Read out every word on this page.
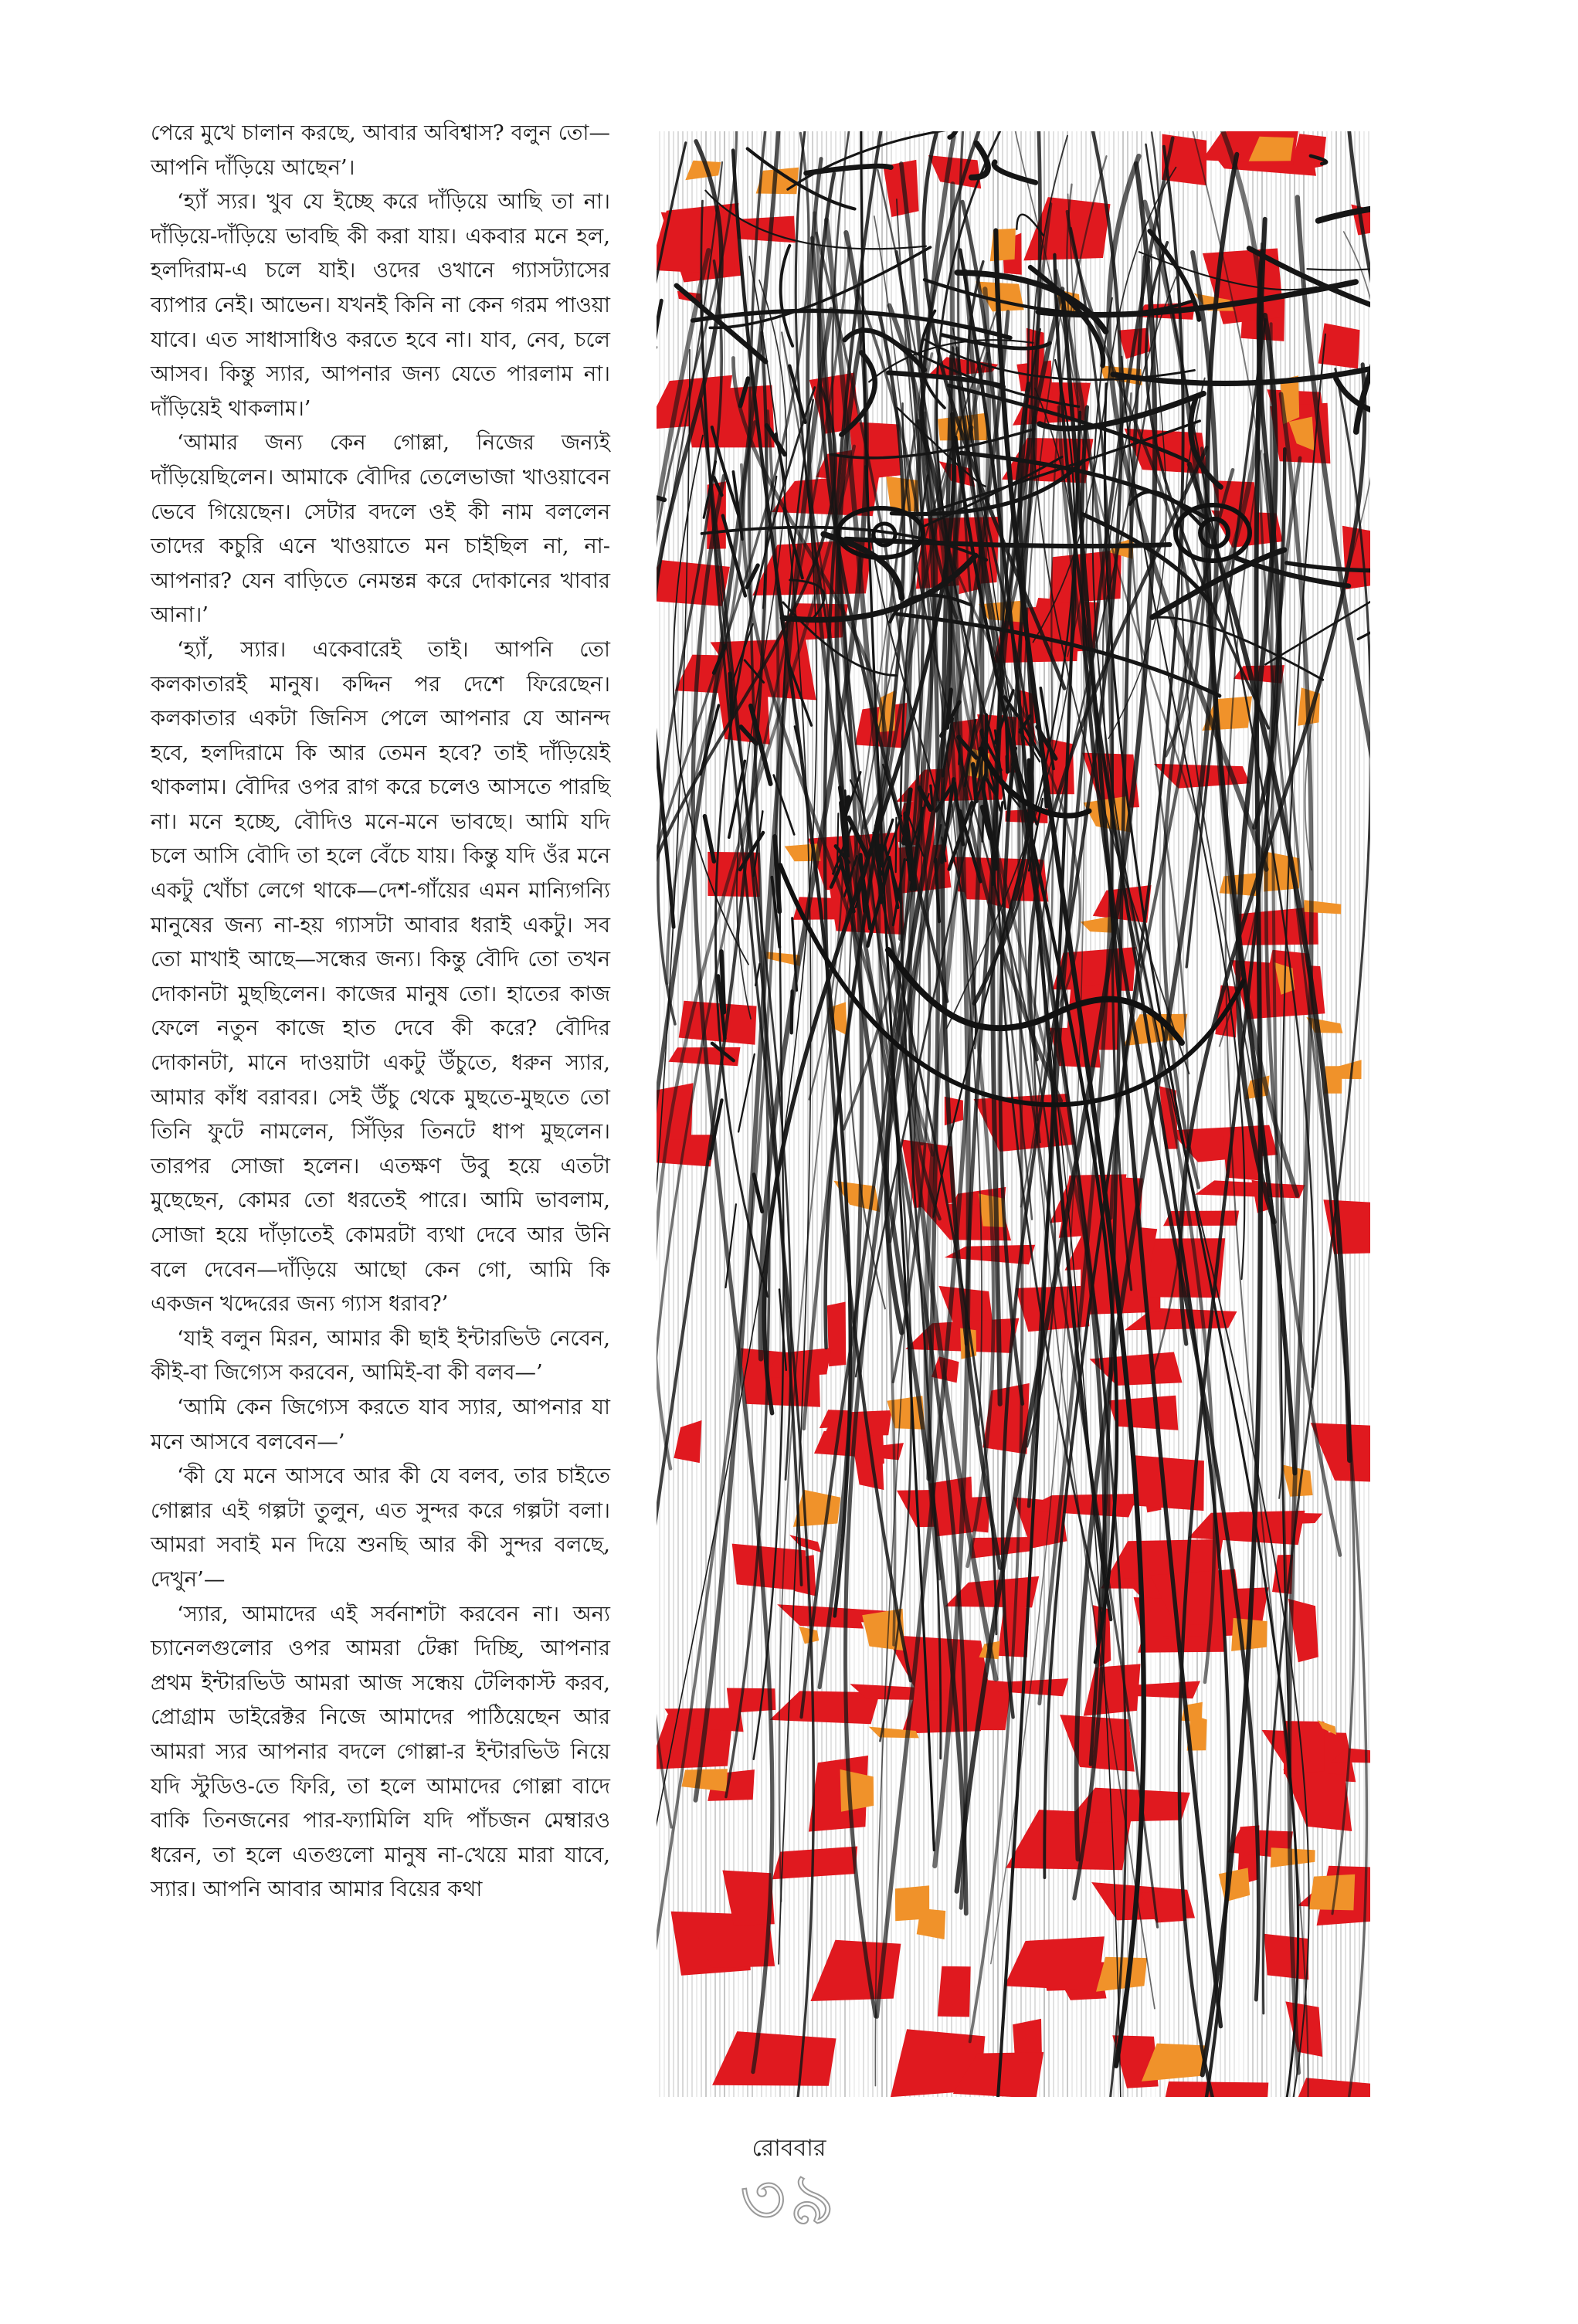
পেরে মুখে চালান করছে, আবার অবিশ্বাস? বলুন তো—আপনি দাঁড়িয়ে আছেন’।

‘হ্যাঁ স্যর। খুব যে ইচ্ছে করে দাঁড়িয়ে আছি তা না। দাঁড়িয়ে-দাঁড়িয়ে ভাবছি কী করা যায়। একবার মনে হল, হলদিরাম-এ চলে যাই। ওদের ওখানে গ্যাসট্যাসের ব্যাপার নেই। আভেন। যখনই কিনি না কেন গরম পাওয়া যাবে। এত সাধাসাধিও করতে হবে না। যাব, নেব, চলে আসব। কিন্তু স্যার, আপনার জন্য যেতে পারলাম না। দাঁড়িয়েই থাকলাম।’

‘আমার জন্য কেন গোল্লা, নিজের জন্যই দাঁড়িয়েছিলেন। আমাকে বৌদির তেলেভাজা খাওয়াবেন ভেবে গিয়েছেন। সেটার বদলে ওই কী নাম বললেন তাদের কচুরি এনে খাওয়াতে মন চাইছিল না, না-আপনার? যেন বাড়িতে নেমন্তন্ন করে দোকানের খাবার আনা।’

‘হ্যাঁ, স্যার। একেবারেই তাই। আপনি তো কলকাতারই মানুষ। কদ্দিন পর দেশে ফিরেছেন। কলকাতার একটা জিনিস পেলে আপনার যে আনন্দ হবে, হলদিরামে কি আর তেমন হবে? তাই দাঁড়িয়েই থাকলাম। বৌদির ওপর রাগ করে চলেও আসতে পারছি না। মনে হচ্ছে, বৌদিও মনে-মনে ভাবছে। আমি যদি চলে আসি বৌদি তা হলে বেঁচে যায়। কিন্তু যদি ওঁর মনে একটু খোঁচা লেগে থাকে—দেশ-গাঁয়ের এমন মান্যিগন্যি মানুষের জন্য না-হয় গ্যাসটা আবার ধরাই একটু। সব তো মাখাই আছে—সন্ধের জন্য। কিন্তু বৌদি তো তখন দোকানটা মুছছিলেন। কাজের মানুষ তো। হাতের কাজ ফেলে নতুন কাজে হাত দেবে কী করে? বৌদির দোকানটা, মানে দাওয়াটা একটু উঁচুতে, ধরুন স্যার, আমার কাঁধ বরাবর। সেই উঁচু থেকে মুছতে-মুছতে তো তিনি ফুটে নামলেন, সিঁড়ির তিনটে ধাপ মুছলেন। তারপর সোজা হলেন। এতক্ষণ উবু হয়ে এতটা মুছেছেন, কোমর তো ধরতেই পারে। আমি ভাবলাম, সোজা হয়ে দাঁড়াতেই কোমরটা ব্যথা দেবে আর উনি বলে দেবেন—দাঁড়িয়ে আছো কেন গো, আমি কি একজন খদ্দেরের জন্য গ্যাস ধরাব?’

‘যাই বলুন মিরন, আমার কী ছাই ইন্টারভিউ নেবেন, কীই-বা জিগ্যেস করবেন, আমিই-বা কী বলব—’

‘আমি কেন জিগ্যেস করতে যাব স্যার, আপনার যা মনে আসবে বলবেন—’

‘কী যে মনে আসবে আর কী যে বলব, তার চাইতে গোল্লার এই গল্পটা তুলুন, এত সুন্দর করে গল্পটা বলা। আমরা সবাই মন দিয়ে শুনছি আর কী সুন্দর বলছে, দেখুন’—

‘স্যার, আমাদের এই সর্বনাশটা করবেন না। অন্য চ্যানেলগুলোর ওপর আমরা টেক্কা দিচ্ছি, আপনার প্রথম ইন্টারভিউ আমরা আজ সন্ধেয় টেলিকাস্ট করব, প্রোগ্রাম ডাইরেক্টর নিজে আমাদের পাঠিয়েছেন আর আমরা স্যর আপনার বদলে গোল্লা-র ইন্টারভিউ নিয়ে যদি স্টুডিও-তে ফিরি, তা হলে আমাদের গোল্লা বাদে বাকি তিনজনের পার-ফ্যামিলি যদি পাঁচজন মেম্বারও ধরেন, তা হলে এতগুলো মানুষ না-খেয়ে মারা যাবে, স্যার। আপনি আবার আমার বিয়ের কথা

রোববার
৩৯
